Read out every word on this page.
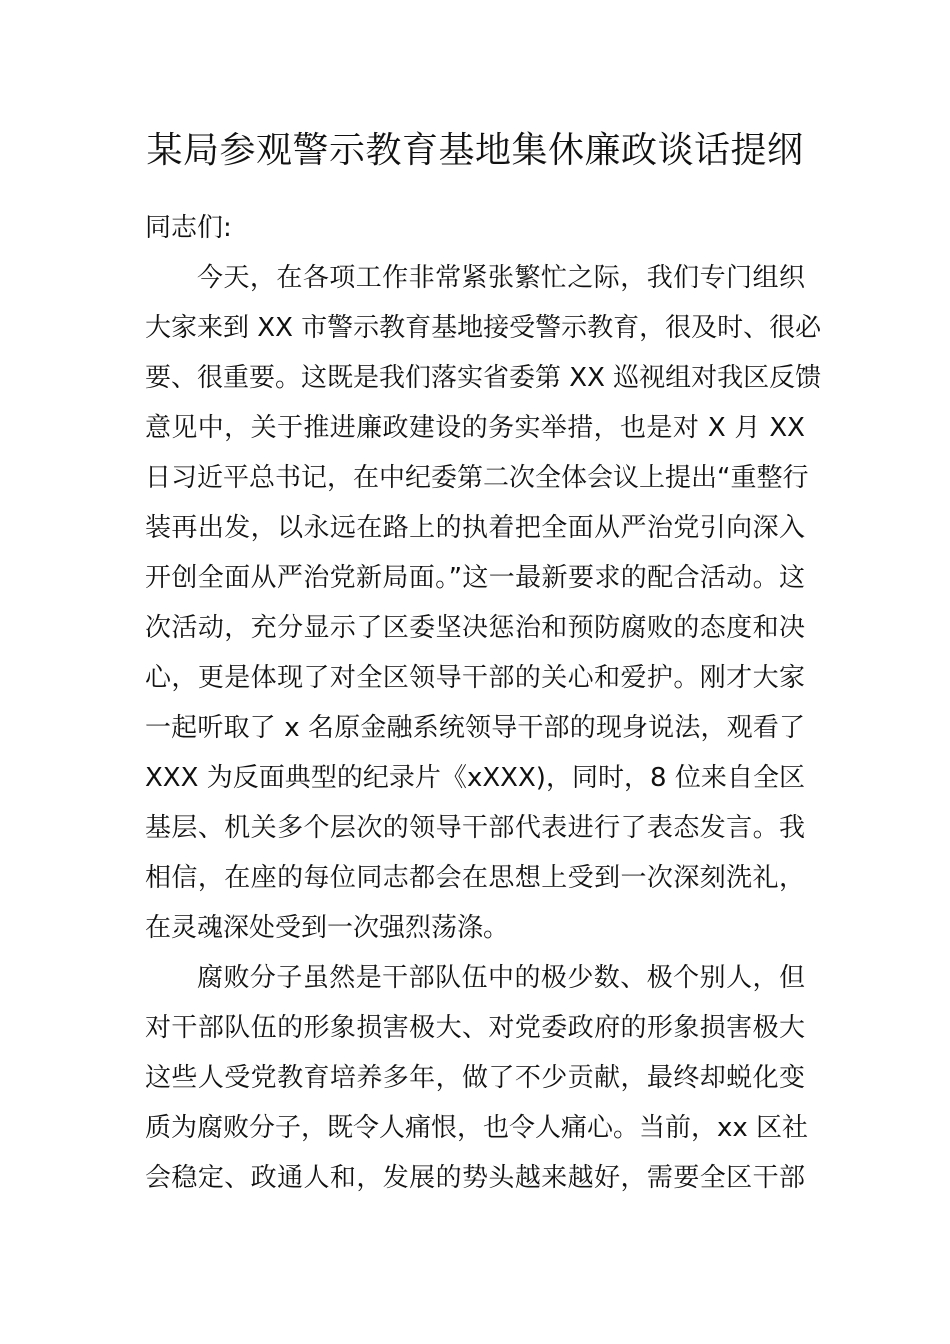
某局参观警示教育基地集休廉政谈话提纲
同志们:
今天，在各项工作非常紧张繁忙之际，我们专门组织
大家来到 XX 市警示教育基地接受警示教育，很及时、很必
要、很重要。这既是我们落实省委第 XX 巡视组对我区反馈
意见中，关于推进廉政建设的务实举措，也是对 X 月 XX
日习近平总书记，在中纪委第二次全体会议上提出“重整行
装再出发，以永远在路上的执着把全面从严治党引向深入
开创全面从严治党新局面。”这一最新要求的配合活动。这
次活动，充分显示了区委坚决惩治和预防腐败的态度和决
心，更是体现了对全区领导干部的关心和爱护。刚才大家
一起听取了 x 名原金融系统领导干部的现身说法，观看了
XXX 为反面典型的纪录片《xXXX)，同时，8 位来自全区
基层、机关多个层次的领导干部代表进行了表态发言。我
相信，在座的每位同志都会在思想上受到一次深刻洗礼，
在灵魂深处受到一次强烈荡涤。
腐败分子虽然是干部队伍中的极少数、极个别人，但
对干部队伍的形象损害极大、对党委政府的形象损害极大
这些人受党教育培养多年，做了不少贡献，最终却蜕化变
质为腐败分子，既令人痛恨，也令人痛心。当前，xx 区社
会稳定、政通人和，发展的势头越来越好，需要全区干部
